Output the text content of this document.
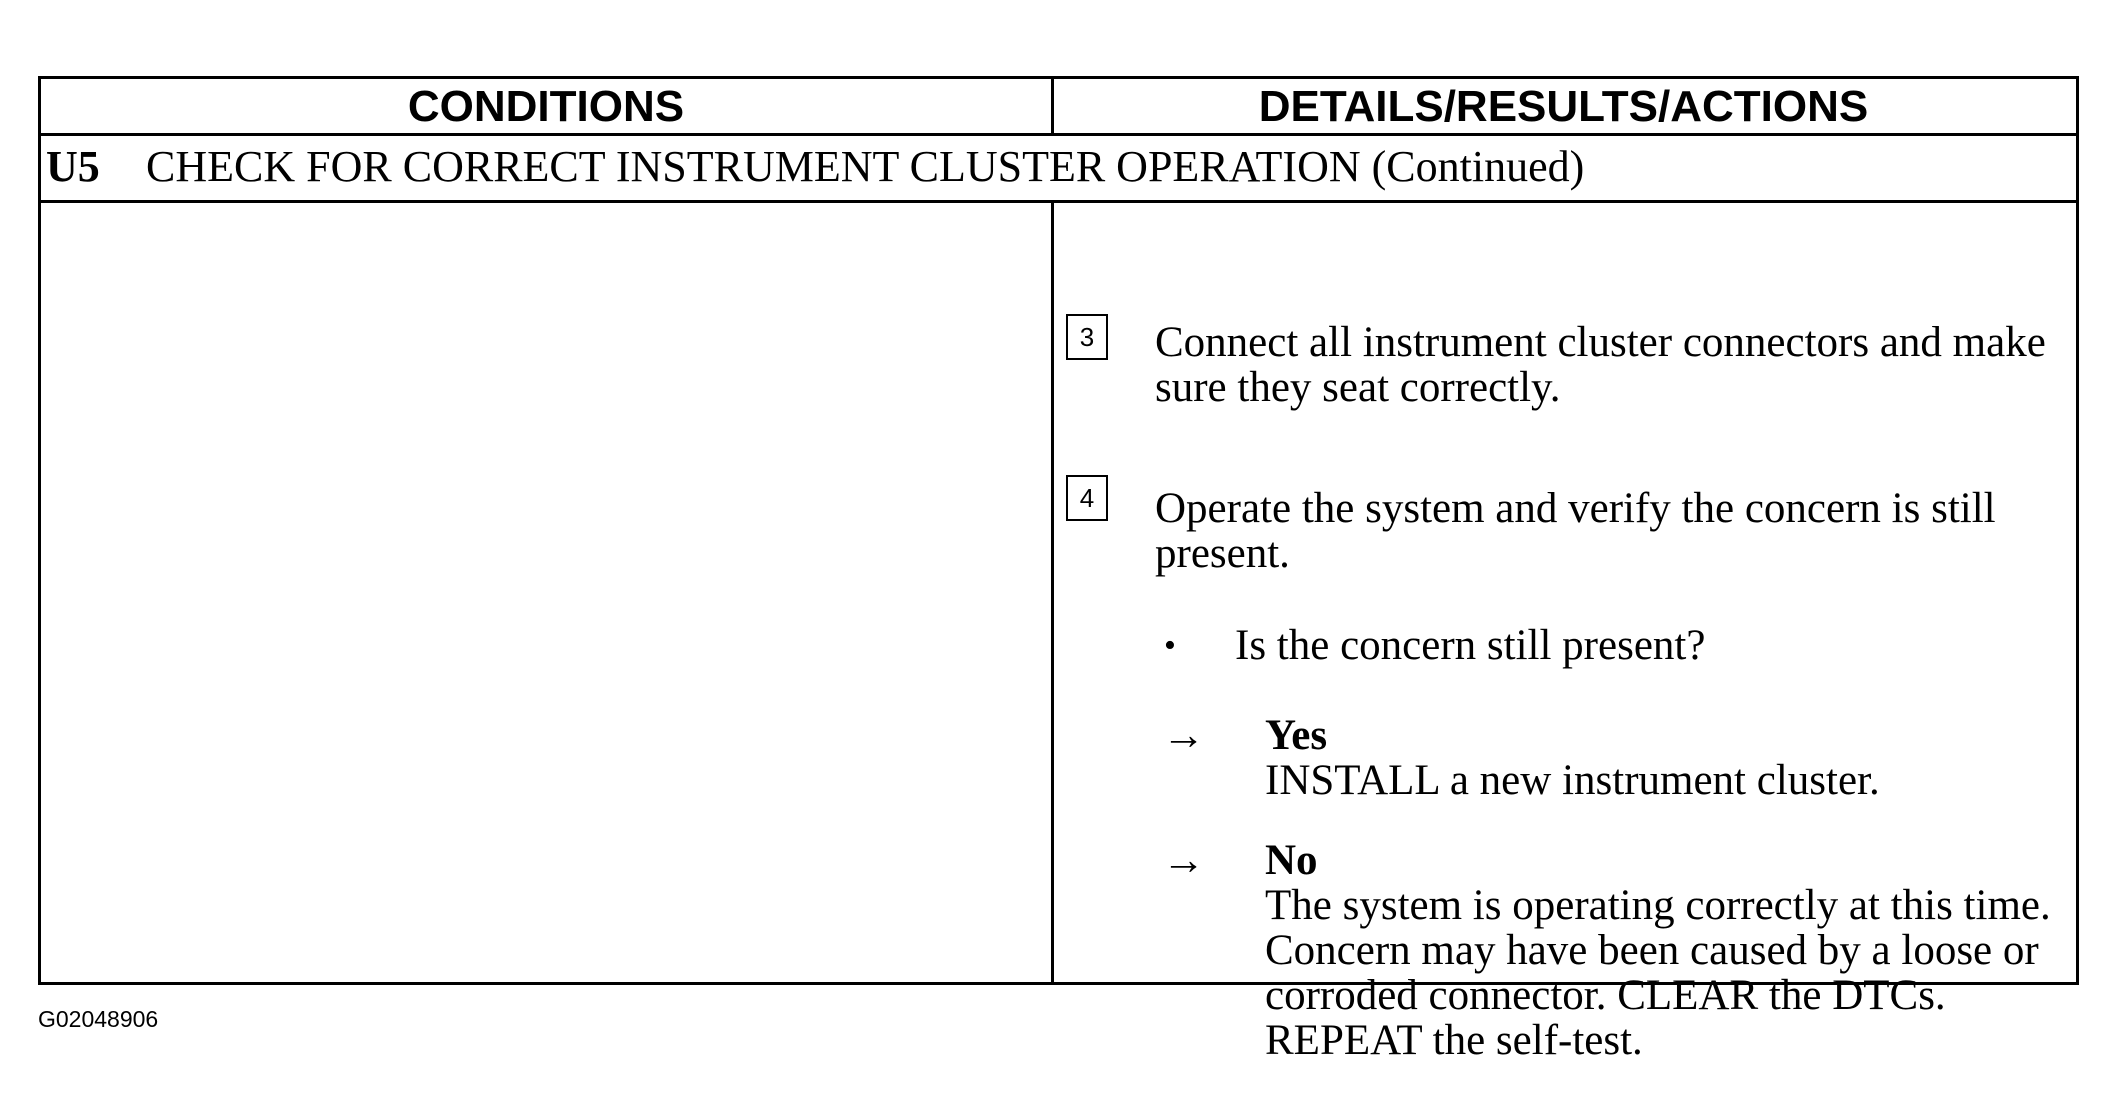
CONDITIONS	DETAILS/RESULTS/ACTIONS
U5 CHECK FOR CORRECT INSTRUMENT CLUSTER OPERATION (Continued)
3	Connect all instrument cluster connectors and make sure they seat correctly.
4	Operate the system and verify the concern is still present.
• Is the concern still present?
→ Yes
INSTALL a new instrument cluster.
→ No
The system is operating correctly at this time. Concern may have been caused by a loose or corroded connector. CLEAR the DTCs. REPEAT the self-test.
G02048906
